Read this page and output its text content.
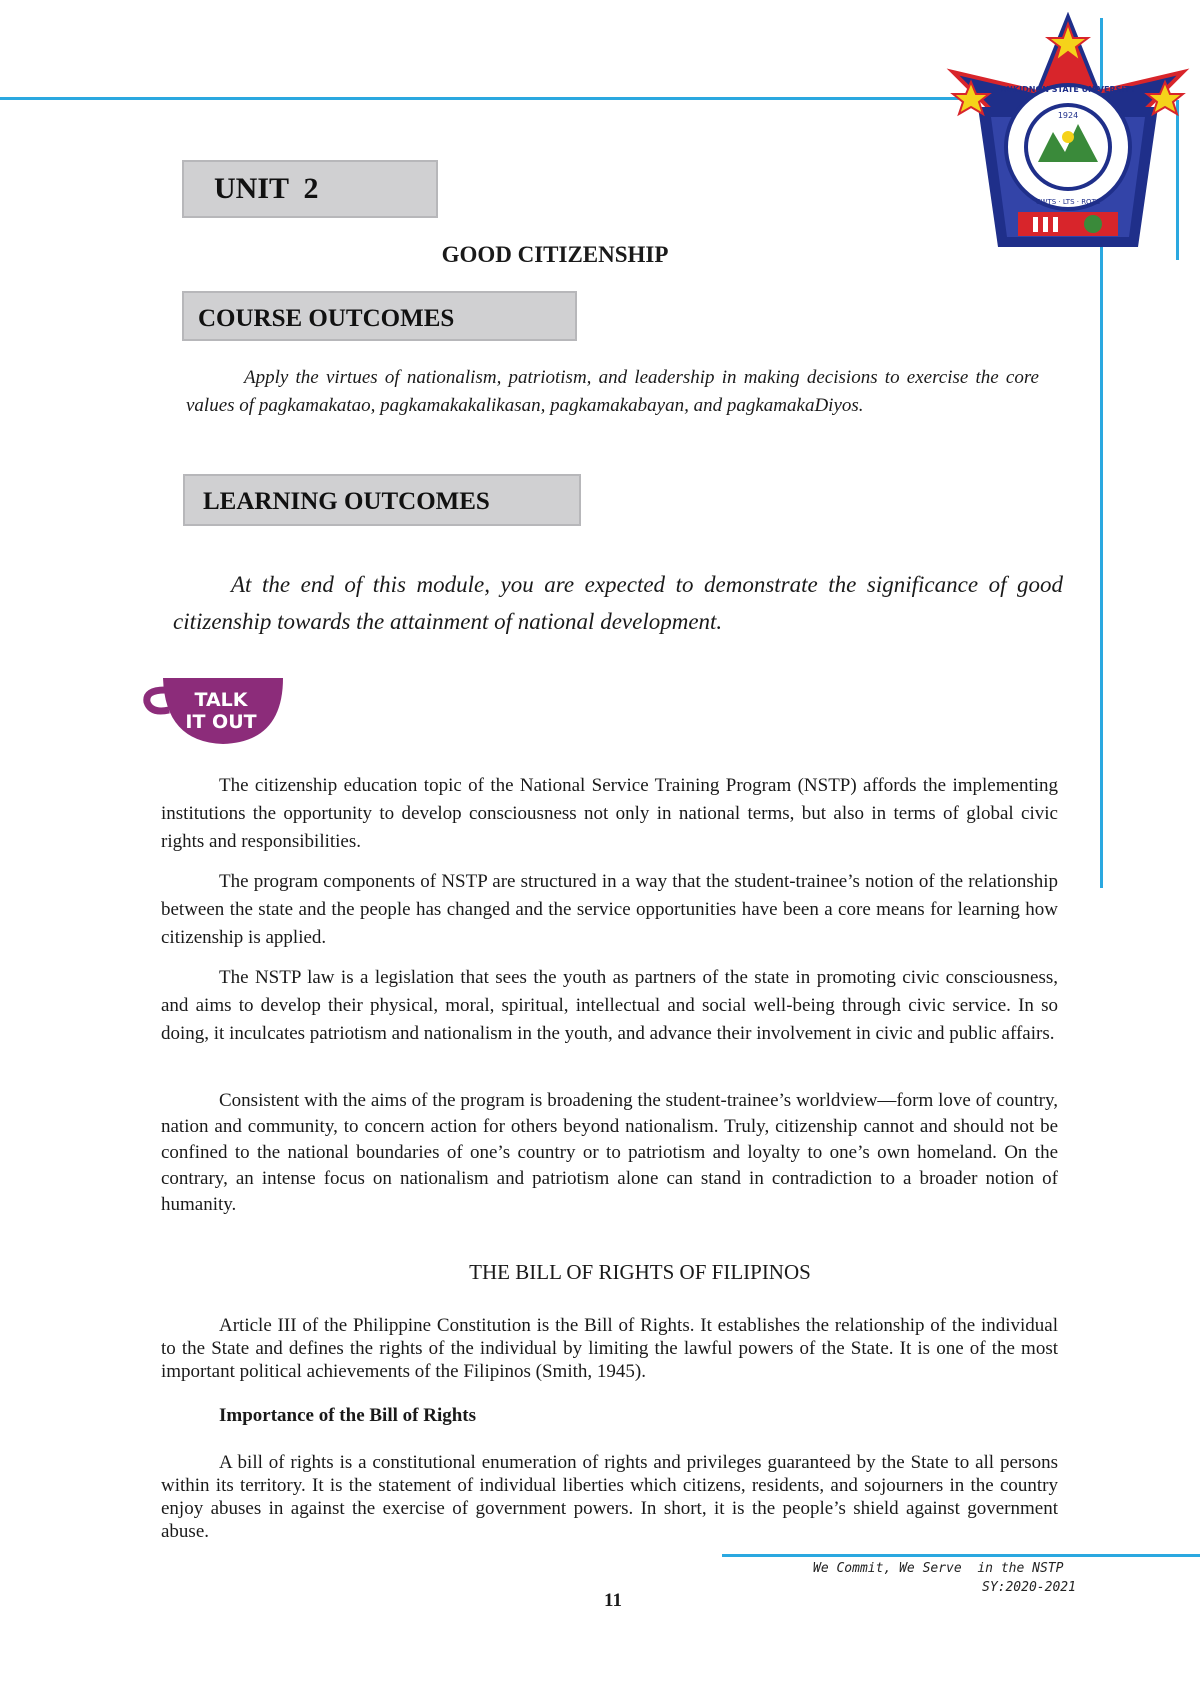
1924
BUKIDNON STATE UNIVERSITY
CWTS · LTS · ROTC
UNIT  2
GOOD CITIZENSHIP
COURSE OUTCOMES

Apply the virtues of nationalism, patriotism, and leadership in making decisions to exercise the core values of pagkamakatao, pagkamakakalikasan, pagkamakabayan, and pagkamakaDiyos.

LEARNING OUTCOMES

At the end of this module, you are expected to demonstrate the significance of good citizenship towards the attainment of national development.

TALK
IT OUT

The citizenship education topic of the National Service Training Program (NSTP) affords the implementing institutions the opportunity to develop consciousness not only in national terms, but also in terms of global civic rights and responsibilities.

The program components of NSTP are structured in a way that the student-trainee’s notion of the relationship between the state and the people has changed and the service opportunities have been a core means for learning how citizenship is applied.

The NSTP law is a legislation that sees the youth as partners of the state in promoting civic consciousness, and aims to develop their physical, moral, spiritual, intellectual and social well-being through civic service. In so doing, it inculcates patriotism and nationalism in the youth, and advance their involvement in civic and public affairs.

Consistent with the aims of the program is broadening the student-trainee’s worldview—form love of country, nation and community, to concern action for others beyond nationalism. Truly, citizenship cannot and should not be confined to the national boundaries of one’s country or to patriotism and loyalty to one’s own homeland. On the contrary, an intense focus on nationalism and patriotism alone can stand in contradiction to a broader notion of humanity.

THE BILL OF RIGHTS OF FILIPINOS

Article III of the Philippine Constitution is the Bill of Rights. It establishes the relationship of the individual to the State and defines the rights of the individual by limiting the lawful powers of the State. It is one of the most important political achievements of the Filipinos (Smith, 1945).

Importance of the Bill of Rights

A bill of rights is a constitutional enumeration of rights and privileges guaranteed by the State to all persons within its territory. It is the statement of individual liberties which citizens, residents, and sojourners in the country enjoy abuses in against the exercise of government powers. In short, it is the people’s shield against government abuse.

We Commit, We Serve  in the NSTP
SY:2020-2021
11
